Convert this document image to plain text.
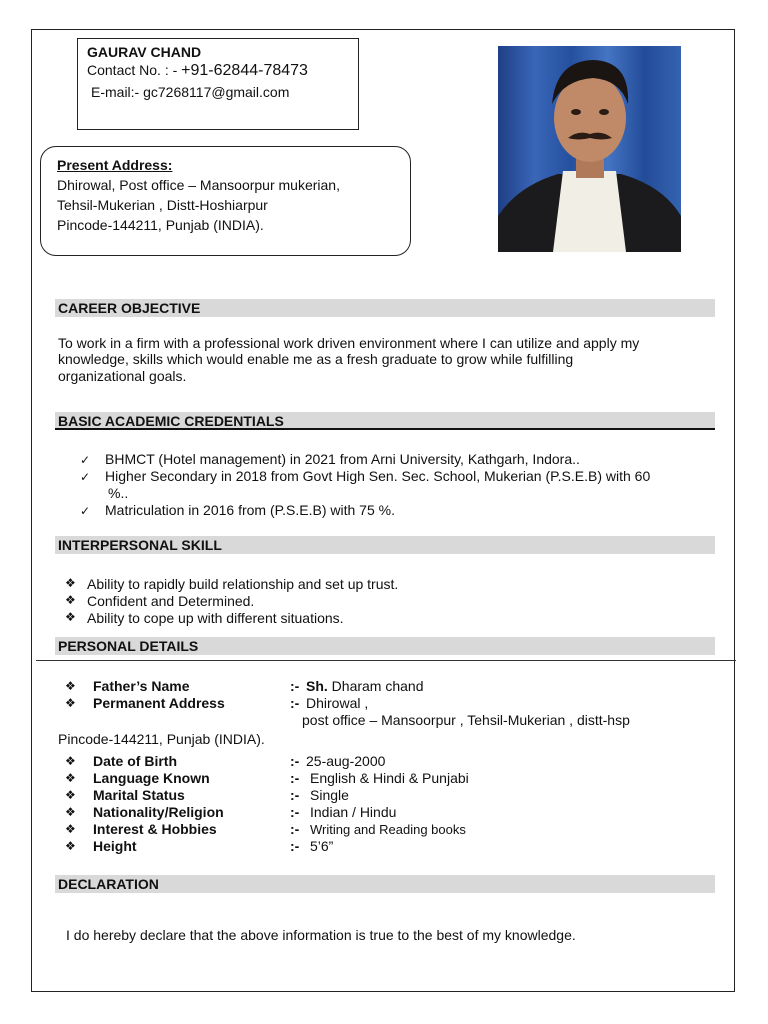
GAURAV CHAND
Contact No. : - +91-62844-78473
E-mail:- gc7268117@gmail.com
Present Address:
Dhirowal, Post office – Mansoorpur mukerian,
Tehsil-Mukerian , Distt-Hoshiarpur
Pincode-144211, Punjab (INDIA).
CAREER OBJECTIVE
To work in a firm with a professional work driven environment where I can utilize and apply my
knowledge, skills which would enable me as a fresh graduate to grow while fulfilling
organizational goals.
BASIC ACADEMIC CREDENTIALS
✓ BHMCT (Hotel management) in 2021 from Arni University, Kathgarh, Indora..
✓ Higher Secondary in 2018 from Govt High Sen. Sec. School, Mukerian (P.S.E.B) with 60
%..
✓ Matriculation in 2016 from (P.S.E.B) with 75 %.
INTERPERSONAL SKILL
❖ Ability to rapidly build relationship and set up trust.
❖ Confident and Determined.
❖ Ability to cope up with different situations.
PERSONAL DETAILS
❖ Father’s Name	:- Sh. Dharam chand
❖ Permanent Address	:- Dhirowal ,
post office – Mansoorpur , Tehsil-Mukerian , distt-hsp
Pincode-144211, Punjab (INDIA).
❖ Date of Birth	:- 25-aug-2000
❖ Language Known	:- English & Hindi & Punjabi
❖ Marital Status	:- Single
❖ Nationality/Religion	:- Indian / Hindu
❖ Interest & Hobbies	:- Writing and Reading books
❖ Height	:- 5’6”
DECLARATION
I do hereby declare that the above information is true to the best of my knowledge.
